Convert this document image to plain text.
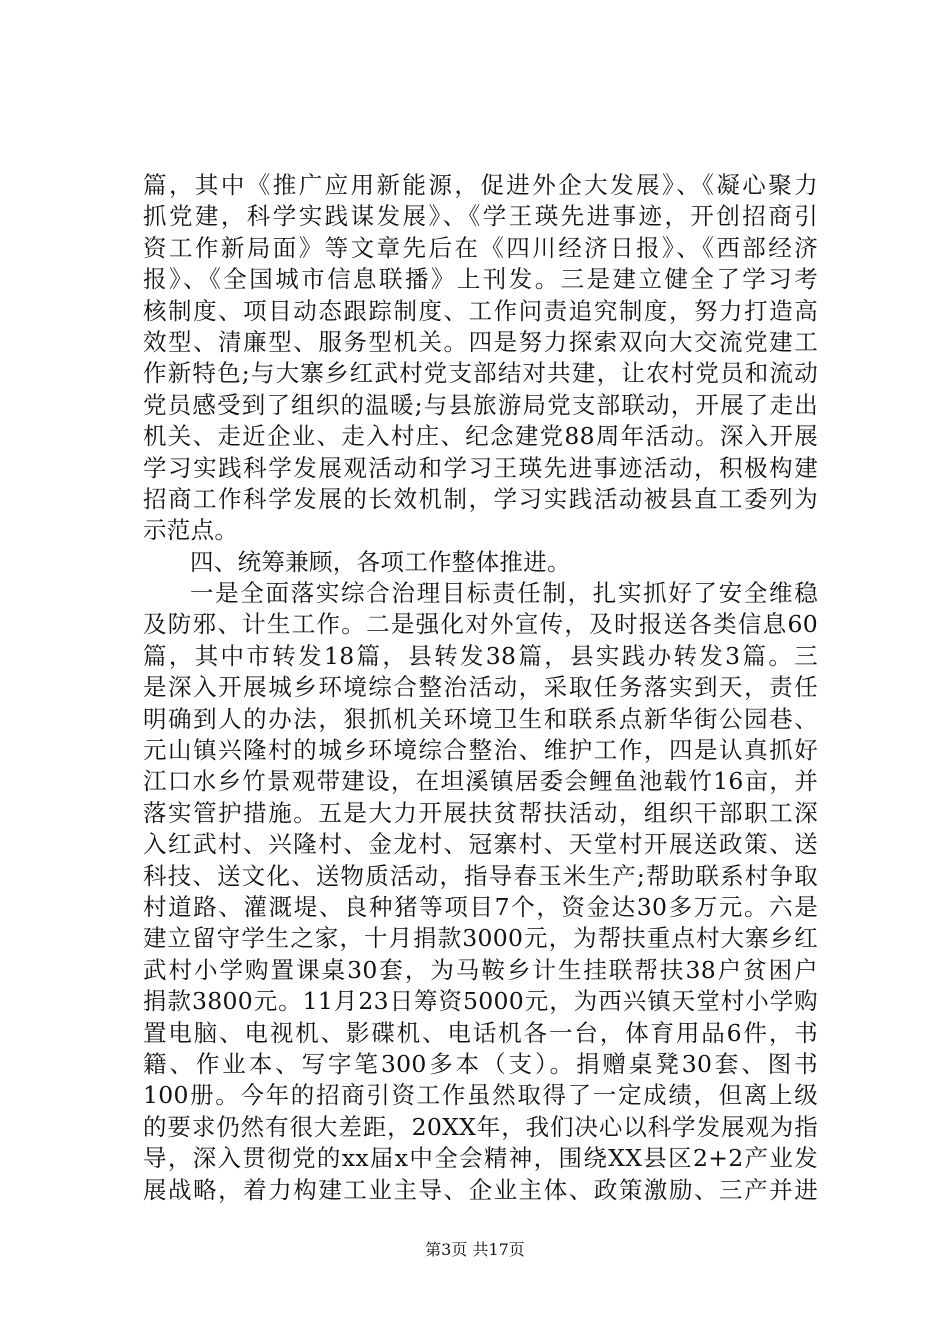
篇，其中《推广应用新能源，促进外企大发展》、《凝心聚力
抓党建，科学实践谋发展》、《学王瑛先进事迹，开创招商引
资工作新局面》等文章先后在《四川经济日报》、《西部经济
报》、《全国城市信息联播》上刊发。三是建立健全了学习考
核制度、项目动态跟踪制度、工作问责追究制度，努力打造高
效型、清廉型、服务型机关。四是努力探索双向大交流党建工
作新特色;与大寨乡红武村党支部结对共建，让农村党员和流动
党员感受到了组织的温暖;与县旅游局党支部联动，开展了走出
机关、走近企业、走入村庄、纪念建党88周年活动。深入开展
学习实践科学发展观活动和学习王瑛先进事迹活动，积极构建
招商工作科学发展的长效机制，学习实践活动被县直工委列为
示范点。
四、统筹兼顾，各项工作整体推进。
一是全面落实综合治理目标责任制，扎实抓好了安全维稳
及防邪、计生工作。二是强化对外宣传，及时报送各类信息60
篇，其中市转发18篇，县转发38篇，县实践办转发3篇。三
是深入开展城乡环境综合整治活动，采取任务落实到天，责任
明确到人的办法，狠抓机关环境卫生和联系点新华街公园巷、
元山镇兴隆村的城乡环境综合整治、维护工作，四是认真抓好
江口水乡竹景观带建设，在坦溪镇居委会鲤鱼池载竹16亩，并
落实管护措施。五是大力开展扶贫帮扶活动，组织干部职工深
入红武村、兴隆村、金龙村、冠寨村、天堂村开展送政策、送
科技、送文化、送物质活动，指导春玉米生产;帮助联系村争取
村道路、灌溉堤、良种猪等项目7个，资金达30多万元。六是
建立留守学生之家，十月捐款3000元，为帮扶重点村大寨乡红
武村小学购置课桌30套，为马鞍乡计生挂联帮扶38户贫困户
捐款3800元。11月23日筹资5000元，为西兴镇天堂村小学购
置电脑、电视机、影碟机、电话机各一台，体育用品6件，书
籍、作业本、写字笔300多本（支）。捐赠桌凳30套、图书
100册。今年的招商引资工作虽然取得了一定成绩，但离上级
的要求仍然有很大差距，20XX年，我们决心以科学发展观为指
导，深入贯彻党的xx届x中全会精神，围绕XX县区2+2产业发
展战略，着力构建工业主导、企业主体、政策激励、三产并进
第3页 共17页
